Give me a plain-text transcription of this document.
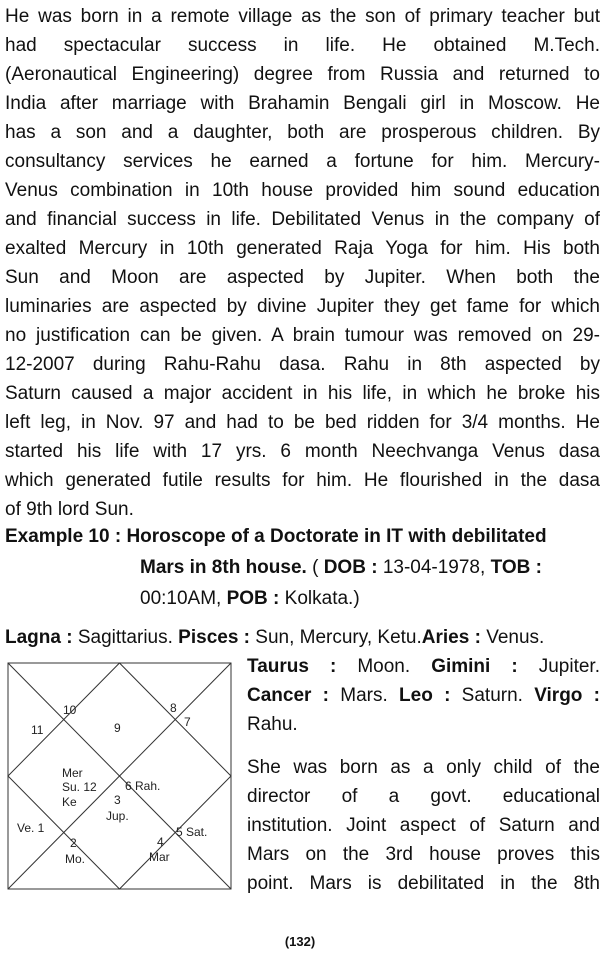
He was born in a remote village as the son of primary teacher but
had spectacular success in life. He obtained M.Tech.
(Aeronautical Engineering) degree from Russia and returned to
India after marriage with Brahamin Bengali girl in Moscow. He
has a son and a daughter, both are prosperous children. By
consultancy services he earned a fortune for him. Mercury-
Venus combination in 10th house provided him sound education
and financial success in life. Debilitated Venus in the company of
exalted Mercury in 10th generated Raja Yoga for him. His both
Sun and Moon are aspected by Jupiter. When both the
luminaries are aspected by divine Jupiter they get fame for which
no justification can be given. A brain tumour was removed on 29-
12-2007 during Rahu-Rahu dasa. Rahu in 8th aspected by
Saturn caused a major accident in his life, in which he broke his
left leg, in Nov. 97 and had to be bed ridden for 3/4 months. He
started his life with 17 yrs. 6 month Neechvanga Venus dasa
which generated futile results for him. He flourished in the dasa
of 9th lord Sun.
Example 10 : Horoscope of a Doctorate in IT with debilitated
Mars in 8th house. ( DOB : 13-04-1978, TOB :
00:10AM, POB : Kolkata.)
Lagna : Sagittarius. Pisces : Sun, Mercury, Ketu.Aries : Venus.
Taurus : Moon. Gimini : Jupiter.
Cancer : Mars. Leo : Saturn. Virgo :
Rahu.
She was born as a only child of the
director of a govt. educational
institution. Joint aspect of Saturn and
Mars on the 3rd house proves this
point. Mars is debilitated in the 8th
10
9
11
8
7
Mer
Su. 12
Ke
6 Rah.
3
Jup.
Ve. 1
2
Mo.
4
Mar
5 Sat.
(132)
